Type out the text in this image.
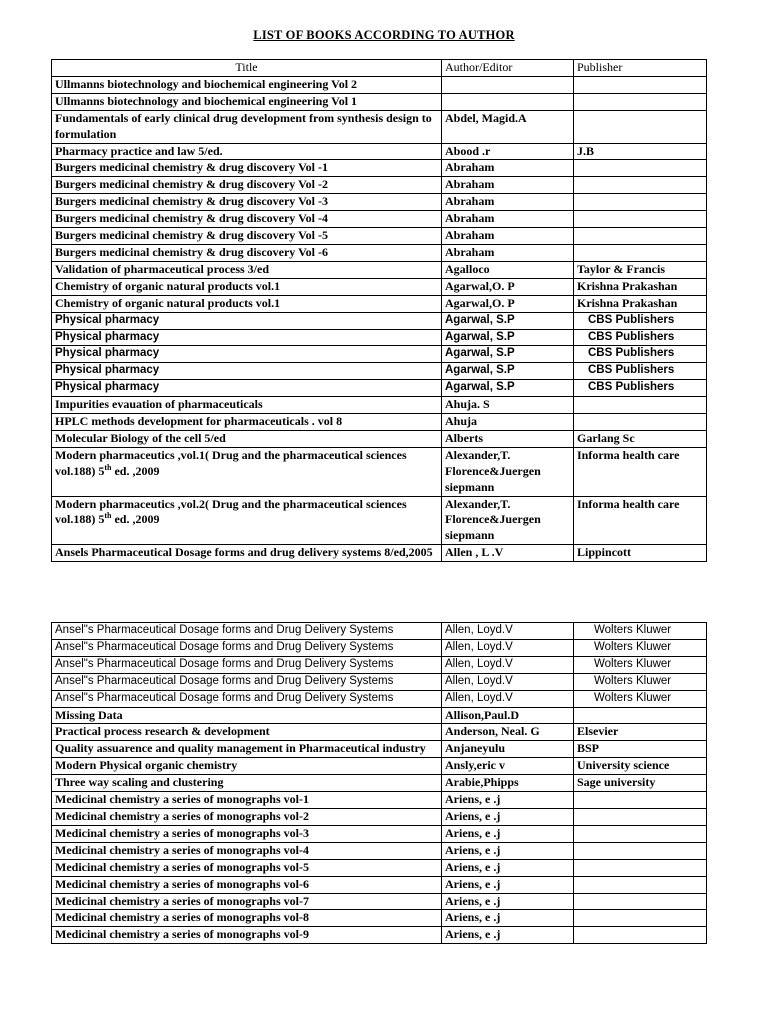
LIST OF BOOKS ACCORDING TO AUTHOR
Title	Author/Editor	Publisher
Ullmanns biotechnology and biochemical engineering Vol 2		
Ullmanns biotechnology and biochemical engineering Vol 1		
Fundamentals of early clinical drug development from synthesis design to formulation	Abdel, Magid.A	
Pharmacy practice and law 5/ed.	Abood .r	J.B
Burgers medicinal chemistry & drug discovery Vol -1	Abraham	
Burgers medicinal chemistry & drug discovery Vol -2	Abraham	
Burgers medicinal chemistry & drug discovery Vol -3	Abraham	
Burgers medicinal chemistry & drug discovery Vol -4	Abraham	
Burgers medicinal chemistry & drug discovery Vol -5	Abraham	
Burgers medicinal chemistry & drug discovery Vol -6	Abraham	
Validation of pharmaceutical process 3/ed	Agalloco	Taylor & Francis
Chemistry of organic natural products vol.1	Agarwal,O. P	Krishna Prakashan
Chemistry of organic natural products vol.1	Agarwal,O. P	Krishna Prakashan
Physical pharmacy	Agarwal, S.P	CBS Publishers
Physical pharmacy	Agarwal, S.P	CBS Publishers
Physical pharmacy	Agarwal, S.P	CBS Publishers
Physical pharmacy	Agarwal, S.P	CBS Publishers
Physical pharmacy	Agarwal, S.P	CBS Publishers
Impurities evauation of pharmaceuticals	Ahuja. S	
HPLC methods development for pharmaceuticals . vol 8	Ahuja	
Molecular Biology of the cell 5/ed	Alberts	Garlang Sc
Modern pharmaceutics ,vol.1( Drug and the pharmaceutical sciences vol.188) 5th ed. ,2009	Alexander,T. Florence&Juergen siepmann	Informa health care
Modern pharmaceutics ,vol.2( Drug and the pharmaceutical sciences vol.188) 5th ed. ,2009	Alexander,T. Florence&Juergen siepmann	Informa health care
Ansels Pharmaceutical Dosage forms and drug delivery systems 8/ed,2005	Allen , L .V	Lippincott
Ansel"s Pharmaceutical Dosage forms and Drug Delivery Systems	Allen, Loyd.V	Wolters Kluwer
Ansel"s Pharmaceutical Dosage forms and Drug Delivery Systems	Allen, Loyd.V	Wolters Kluwer
Ansel"s Pharmaceutical Dosage forms and Drug Delivery Systems	Allen, Loyd.V	Wolters Kluwer
Ansel"s Pharmaceutical Dosage forms and Drug Delivery Systems	Allen, Loyd.V	Wolters Kluwer
Ansel"s Pharmaceutical Dosage forms and Drug Delivery Systems	Allen, Loyd.V	Wolters Kluwer
Missing Data	Allison,Paul.D	
Practical process research & development	Anderson, Neal. G	Elsevier
Quality assuarence and quality management in Pharmaceutical industry	Anjaneyulu	BSP
Modern Physical organic chemistry	Ansly,eric v	University science
Three way scaling and clustering	Arabie,Phipps	Sage university
Medicinal chemistry a series of monographs vol-1	Ariens, e .j	
Medicinal chemistry a series of monographs vol-2	Ariens, e .j	
Medicinal chemistry a series of monographs vol-3	Ariens, e .j	
Medicinal chemistry a series of monographs vol-4	Ariens, e .j	
Medicinal chemistry a series of monographs vol-5	Ariens, e .j	
Medicinal chemistry a series of monographs vol-6	Ariens, e .j	
Medicinal chemistry a series of monographs vol-7	Ariens, e .j	
Medicinal chemistry a series of monographs vol-8	Ariens, e .j	
Medicinal chemistry a series of monographs vol-9	Ariens, e .j	
